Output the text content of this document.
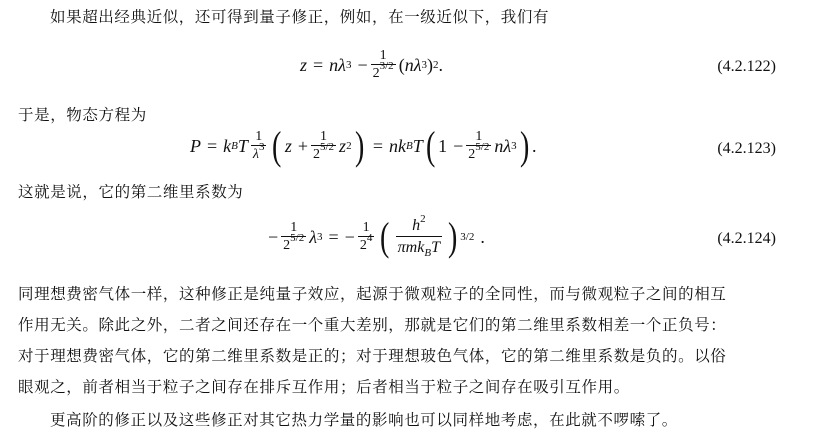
如果超出经典近似，还可得到量子修正，例如，在一级近似下，我们有
z = nλ $3 - \frac{1}{2^{3/2}}$ ( nλ 3 ) 2 .	(4.2.122)
于是，物态方程为
P = k B T $\frac{1}{\lambda^3}$ ( $z + \frac{1}{2^{5/2}}$ z 2 ) = nk B T ( $1 - \frac{1}{2^{5/2}}$ nλ 3 ) .	(4.2.123)
这就是说，它的第二维里系数为
− $\frac{1}{2^{5/2}}$ λ 3 = − $\frac{1}{2^4}$ ( $\frac{h^2}{\pi mk_BT}$ ) 3/2 .	(4.2.124)
同理想费密气体一样，这种修正是纯量子效应，起源于微观粒子的全同性，而与微观粒子之间的相互
作用无关。除此之外，二者之间还存在一个重大差别，那就是它们的第二维里系数相差一个正负号：
对于理想费密气体，它的第二维里系数是正的；对于理想玻色气体，它的第二维里系数是负的。以俗
眼观之，前者相当于粒子之间存在排斥互作用；后者相当于粒子之间存在吸引互作用。
更高阶的修正以及这些修正对其它热力学量的影响也可以同样地考虑，在此就不啰嗦了。
